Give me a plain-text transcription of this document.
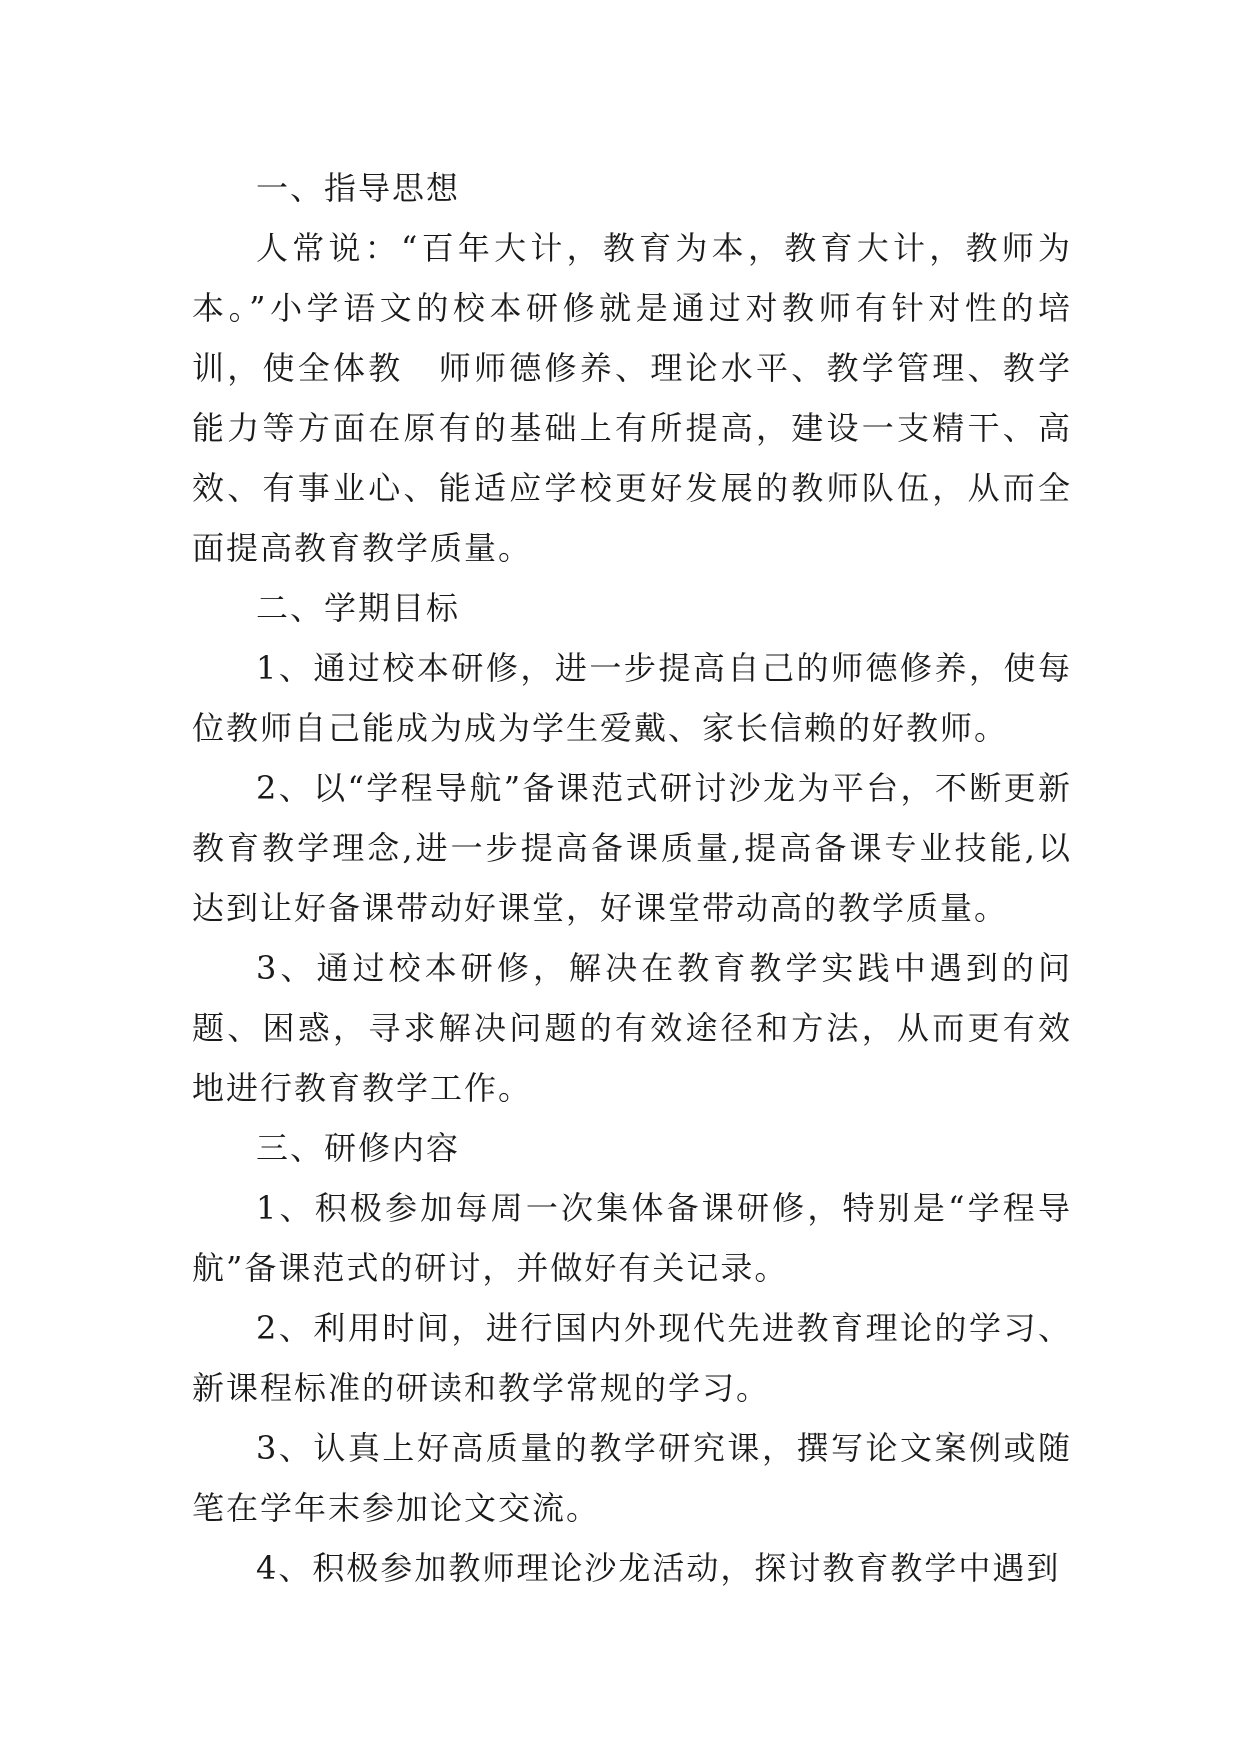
一、指导思想

人常说：“百年大计，教育为本，教育大计，教师为本。”小学语文的校本研修就是通过对教师有针对性的培训，使全体教　师师德修养、理论水平、教学管理、教学能力等方面在原有的基础上有所提高，建设一支精干、高效、有事业心、能适应学校更好发展的教师队伍，从而全面提高教育教学质量。

二、学期目标

1、通过校本研修，进一步提高自己的师德修养，使每位教师自己能成为成为学生爱戴、家长信赖的好教师。

2、以“学程导航”备课范式研讨沙龙为平台，不断更新教育教学理念,进一步提高备课质量,提高备课专业技能,以达到让好备课带动好课堂，好课堂带动高的教学质量。

3、通过校本研修，解决在教育教学实践中遇到的问题、困惑，寻求解决问题的有效途径和方法，从而更有效地进行教育教学工作。

三、研修内容

1、积极参加每周一次集体备课研修，特别是“学程导航”备课范式的研讨，并做好有关记录。

2、利用时间，进行国内外现代先进教育理论的学习、新课程标准的研读和教学常规的学习。

3、认真上好高质量的教学研究课，撰写论文案例或随笔在学年末参加论文交流。

4、积极参加教师理论沙龙活动，探讨教育教学中遇到
